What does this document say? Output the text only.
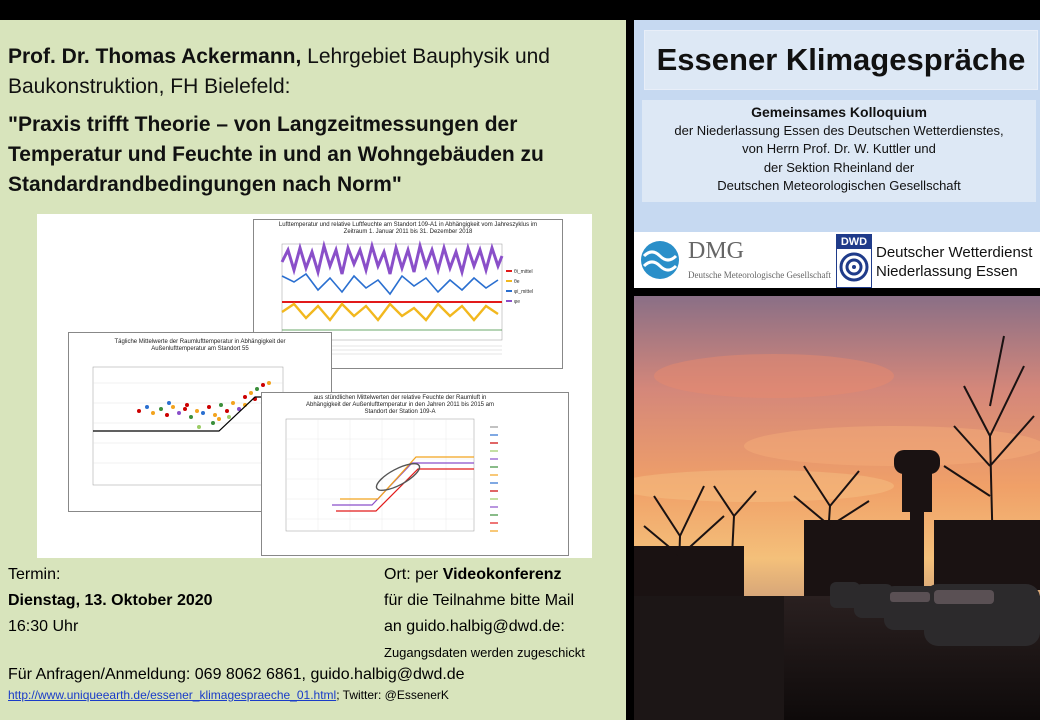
Prof. Dr. Thomas Ackermann, Lehrgebiet Bauphysik und Baukonstruktion, FH Bielefeld:
"Praxis trifft Theorie – von Langzeitmessungen der Temperatur und Feuchte in und an Wohngebäuden zu Standardrandbedingungen nach Norm"
Lufttemperatur und relative Luftfeuchte am Standort 109-A1 in Abhängigkeit vom Jahreszyklus im Zeitraum 1. Januar 2011 bis 31. Dezember 2018
θi_mittel
θe
φi_mittel
φe
Tägliche Mittelwerte der Raumlufttemperatur in Abhängigkeit der Außenlufttemperatur am Standort 55
aus stündlichen Mittelwerten der relative Feuchte der Raumluft in Abhängigkeit der Außenlufttemperatur in den Jahren 2011 bis 2015 am Standort der Station 109-A
Termin:
Dienstag, 13. Oktober 2020
16:30 Uhr
Ort: per Videokonferenz
für die Teilnahme bitte Mail
an guido.halbig@dwd.de:
Zugangsdaten werden zugeschickt
Für Anfragen/Anmeldung: 069 8062 6861, guido.halbig@dwd.de
http://www.uniqueearth.de/essener_klimagespraeche_01.html; Twitter: @EssenerK
Essener Klimagespräche
Gemeinsames Kolloquium
der Niederlassung Essen des Deutschen Wetterdienstes,
von Herrn Prof. Dr. W. Kuttler und
der Sektion Rheinland der
Deutschen Meteorologischen Gesellschaft
DMG
Deutsche Meteorologische Gesellschaft
DWD
Deutscher Wetterdienst
Niederlassung Essen
